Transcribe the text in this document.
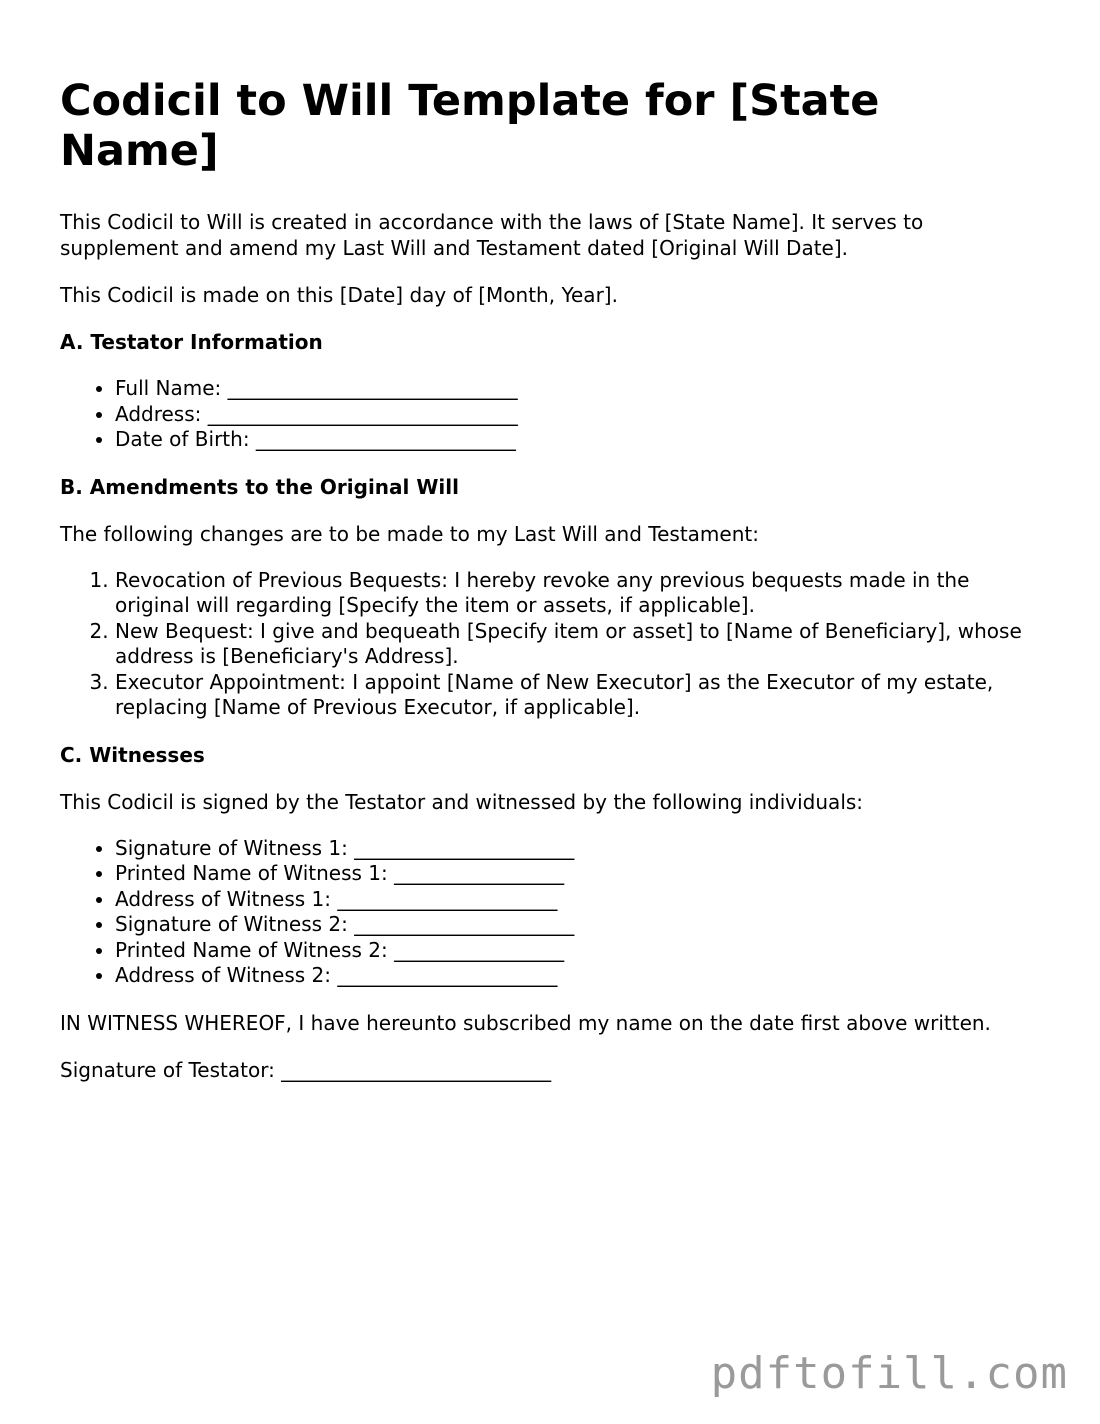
Codicil to Will Template for [State Name]

This Codicil to Will is created in accordance with the laws of [State Name]. It serves to supplement and amend my Last Will and Testament dated [Original Will Date].

This Codicil is made on this [Date] day of [Month, Year].

A. Testator Information
• Full Name: _____________________________
• Address: _______________________________
• Date of Birth: __________________________
B. Amendments to the Original Will

The following changes are to be made to my Last Will and Testament:

1. Revocation of Previous Bequests: I hereby revoke any previous bequests made in the original will regarding [Specify the item or assets, if applicable].
2. New Bequest: I give and bequeath [Specify item or asset] to [Name of Beneficiary], whose address is [Beneficiary's Address].
3. Executor Appointment: I appoint [Name of New Executor] as the Executor of my estate, replacing [Name of Previous Executor, if applicable].
C. Witnesses

This Codicil is signed by the Testator and witnessed by the following individuals:

• Signature of Witness 1: ______________________
• Printed Name of Witness 1: _________________
• Address of Witness 1: ______________________
• Signature of Witness 2: ______________________
• Printed Name of Witness 2: _________________
• Address of Witness 2: ______________________

IN WITNESS WHEREOF, I have hereunto subscribed my name on the date first above written.

Signature of Testator: ___________________________

pdftofill.com
